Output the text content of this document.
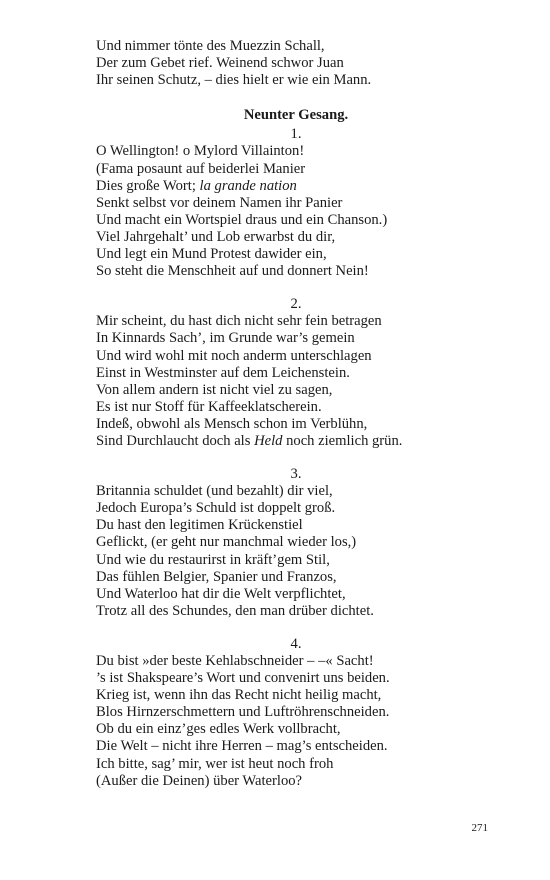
Und nimmer tönte des Muezzin Schall,
Der zum Gebet rief. Weinend schwor Juan
Ihr seinen Schutz, – dies hielt er wie ein Mann.
Neunter Gesang.
1.
O Wellington! o Mylord Villainton!
(Fama posaunt auf beiderlei Manier
Dies große Wort; la grande nation
Senkt selbst vor deinem Namen ihr Panier
Und macht ein Wortspiel draus und ein Chanson.)
Viel Jahrgehalt’ und Lob erwarbst du dir,
Und legt ein Mund Protest dawider ein,
So steht die Menschheit auf und donnert Nein!
2.
Mir scheint, du hast dich nicht sehr fein betragen
In Kinnards Sach’, im Grunde war’s gemein
Und wird wohl mit noch anderm unterschlagen
Einst in Westminster auf dem Leichenstein.
Von allem andern ist nicht viel zu sagen,
Es ist nur Stoff für Kaffeeklatscherein.
Indeß, obwohl als Mensch schon im Verblühn,
Sind Durchlaucht doch als Held noch ziemlich grün.
3.
Britannia schuldet (und bezahlt) dir viel,
Jedoch Europa’s Schuld ist doppelt groß.
Du hast den legitimen Krückenstiel
Geflickt, (er geht nur manchmal wieder los,)
Und wie du restaurirst in kräft’gem Stil,
Das fühlen Belgier, Spanier und Franzos,
Und Waterloo hat dir die Welt verpflichtet,
Trotz all des Schundes, den man drüber dichtet.
4.
Du bist »der beste Kehlabschneider – –« Sacht!
’s ist Shakspeare’s Wort und convenirt uns beiden.
Krieg ist, wenn ihn das Recht nicht heilig macht,
Blos Hirnzerschmettern und Luftröhrenschneiden.
Ob du ein einz’ges edles Werk vollbracht,
Die Welt – nicht ihre Herren – mag’s entscheiden.
Ich bitte, sag’ mir, wer ist heut noch froh
(Außer die Deinen) über Waterloo?
271
